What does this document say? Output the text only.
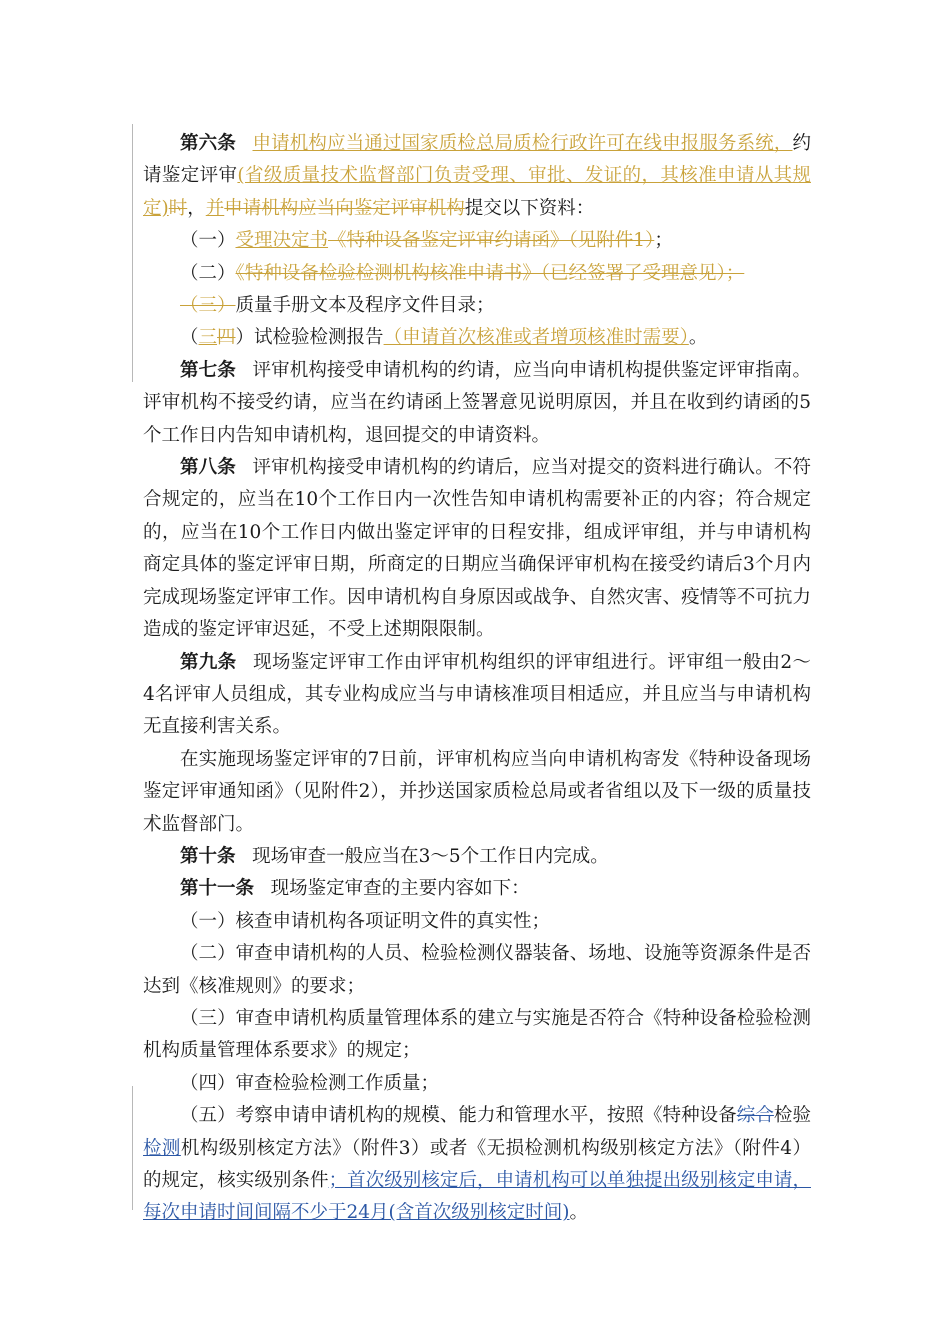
第六条 申请机构应当通过国家质检总局质检行政许可在线申报服务系统，约请鉴定评审(省级质量技术监督部门负责受理、审批、发证的，其核准申请从其规定)时，并申请机构应当向鉴定评审机构提交以下资料：

（一）受理决定书《特种设备鉴定评审约请函》（见附件1）；

（二）《特种设备检验检测机构核准申请书》（已经签署了受理意见）；

（三）质量手册文本及程序文件目录；

（三四）试检验检测报告（申请首次核准或者增项核准时需要）。

第七条 评审机构接受申请机构的约请，应当向申请机构提供鉴定评审指南。评审机构不接受约请，应当在约请函上签署意见说明原因，并且在收到约请函的5个工作日内告知申请机构，退回提交的申请资料。

第八条 评审机构接受申请机构的约请后，应当对提交的资料进行确认。不符合规定的，应当在10个工作日内一次性告知申请机构需要补正的内容；符合规定的，应当在10个工作日内做出鉴定评审的日程安排，组成评审组，并与申请机构商定具体的鉴定评审日期，所商定的日期应当确保评审机构在接受约请后3个月内完成现场鉴定评审工作。因申请机构自身原因或战争、自然灾害、疫情等不可抗力造成的鉴定评审迟延，不受上述期限限制。

第九条 现场鉴定评审工作由评审机构组织的评审组进行。评审组一般由2～4名评审人员组成，其专业构成应当与申请核准项目相适应，并且应当与申请机构无直接利害关系。

在实施现场鉴定评审的7日前，评审机构应当向申请机构寄发《特种设备现场鉴定评审通知函》（见附件2），并抄送国家质检总局或者省组以及下一级的质量技术监督部门。

第十条 现场审查一般应当在3～5个工作日内完成。

第十一条 现场鉴定审查的主要内容如下：

（一）核查申请机构各项证明文件的真实性；

（二）审查申请机构的人员、检验检测仪器装备、场地、设施等资源条件是否达到《核准规则》的要求；

（三）审查申请机构质量管理体系的建立与实施是否符合《特种设备检验检测机构质量管理体系要求》的规定；

（四）审查检验检测工作质量；

（五）考察申请申请机构的规模、能力和管理水平，按照《特种设备综合检验检测机构级别核定方法》（附件3）或者《无损检测机构级别核定方法》（附件4）的规定，核实级别条件；首次级别核定后，申请机构可以单独提出级别核定申请，每次申请时间间隔不少于24月(含首次级别核定时间)。
